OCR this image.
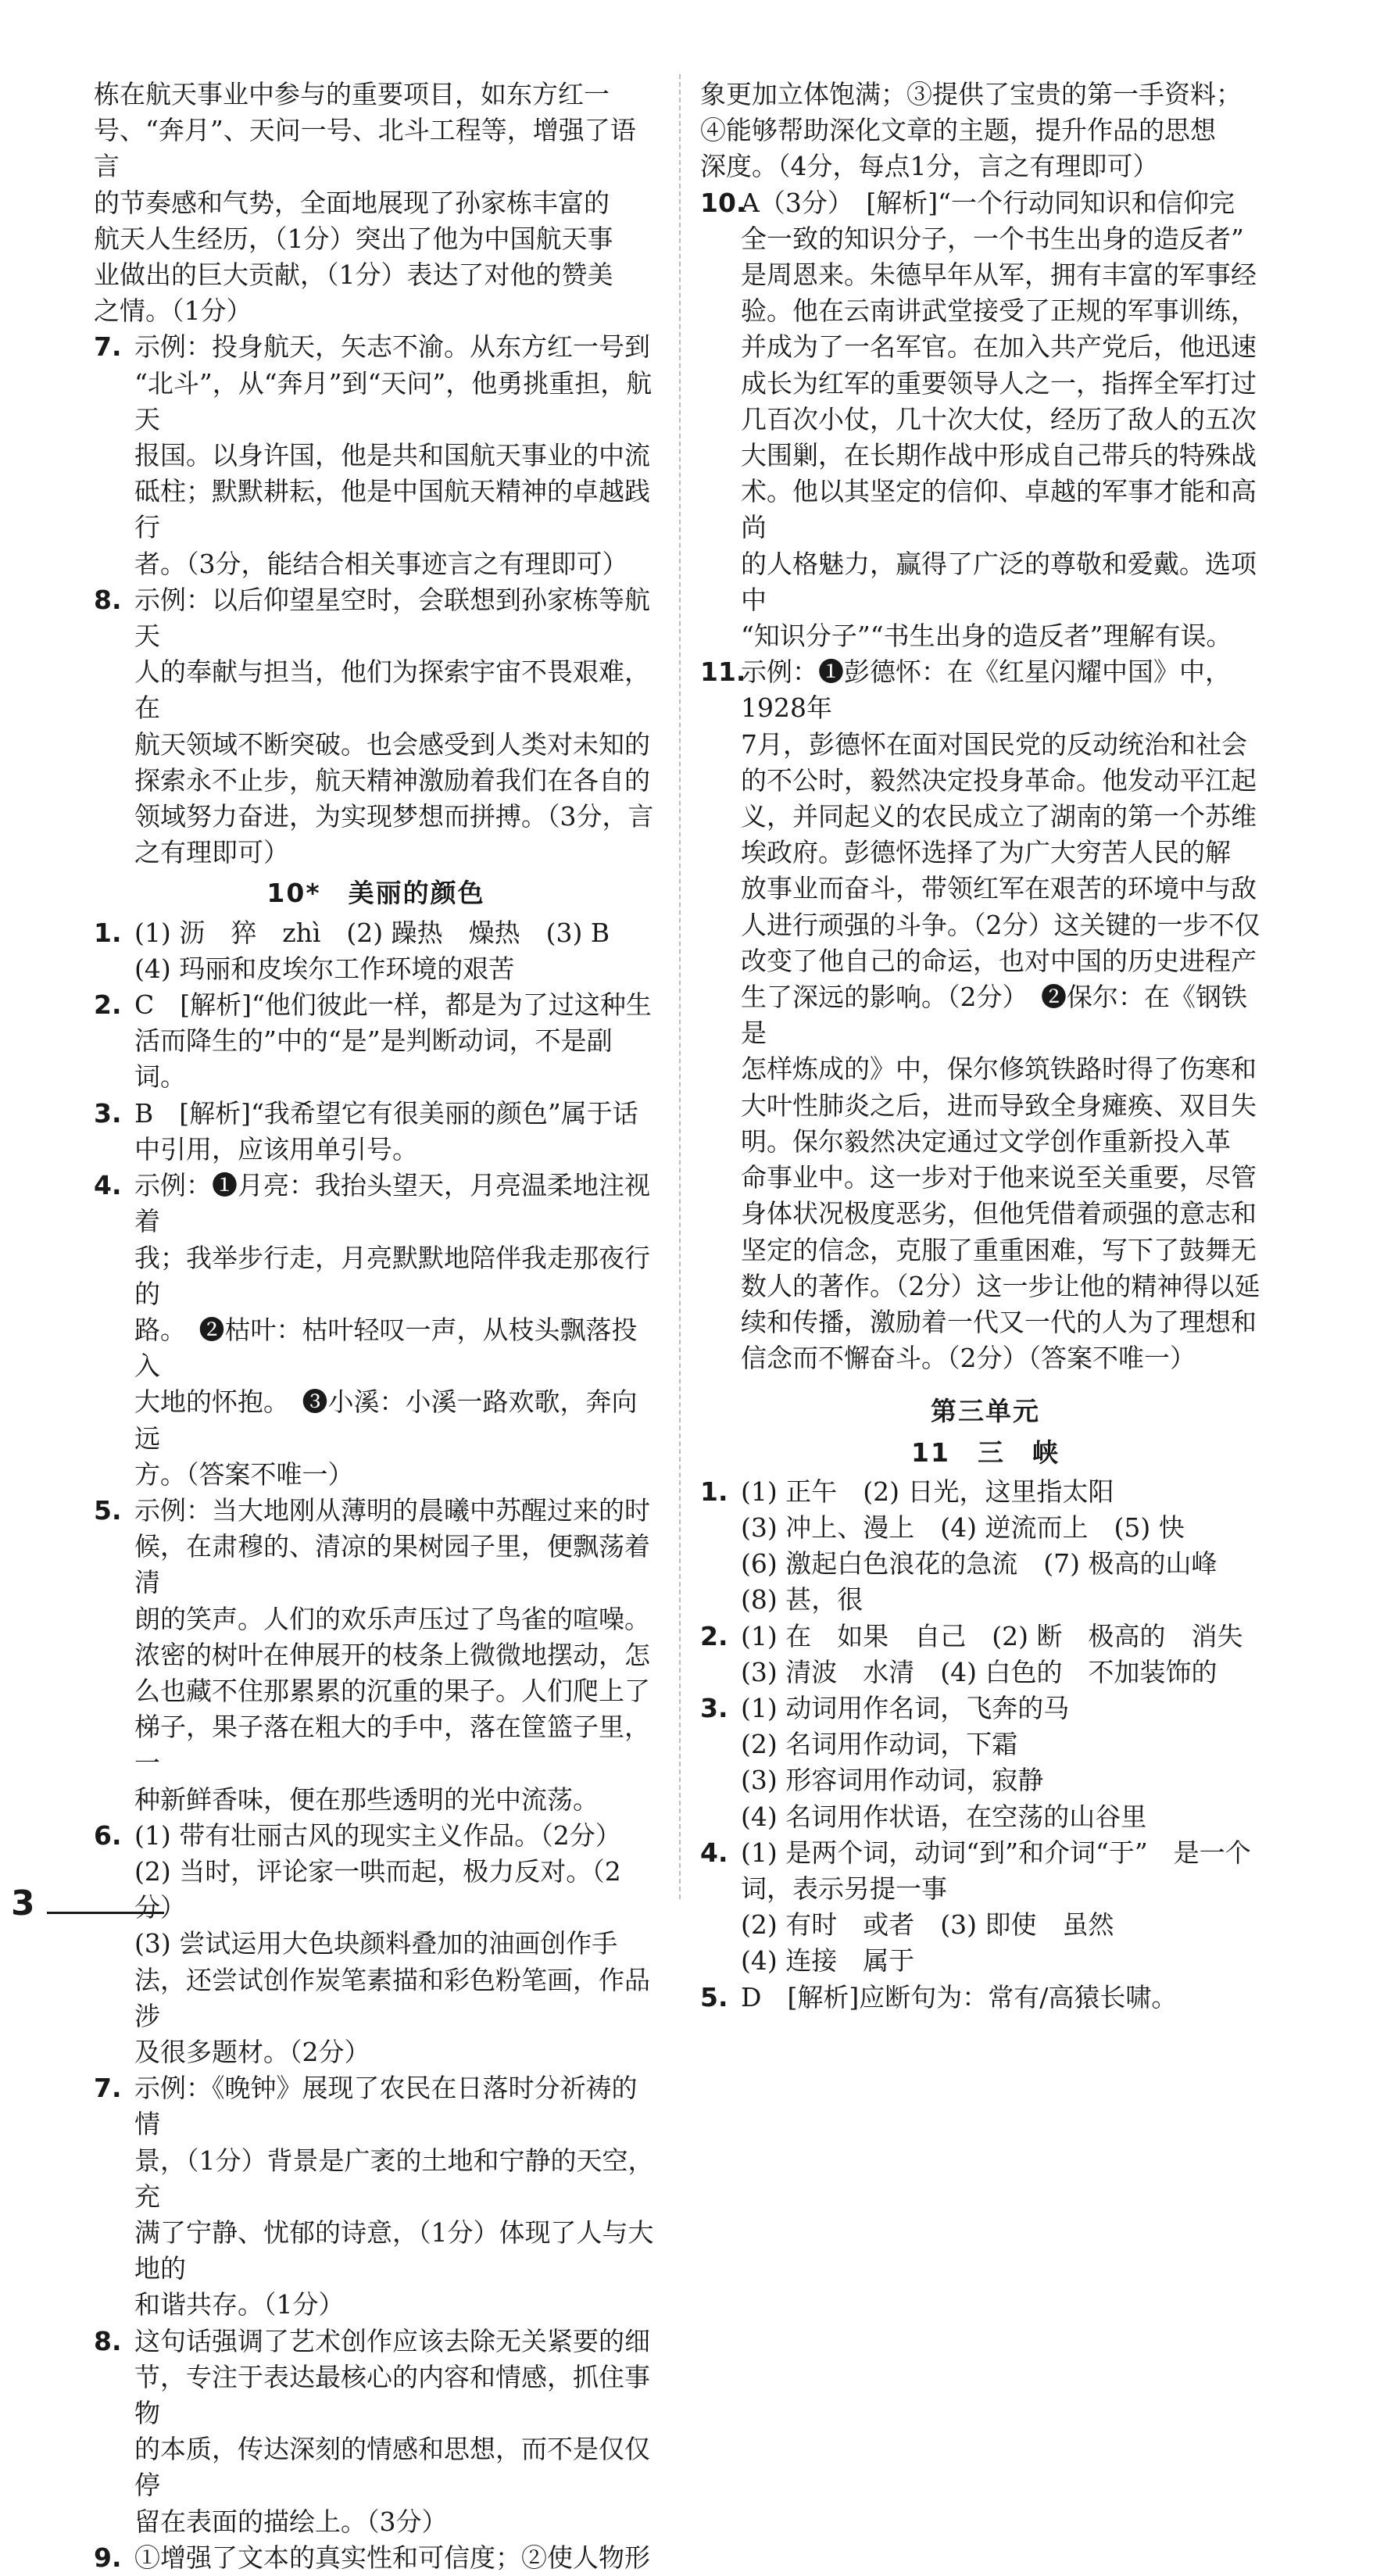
栋在航天事业中参与的重要项目，如东方红一
号、“奔月”、天问一号、北斗工程等，增强了语言
的节奏感和气势，全面地展现了孙家栋丰富的
航天人生经历，（1分）突出了他为中国航天事
业做出的巨大贡献，（1分）表达了对他的赞美
之情。（1分）
7. 示例：投身航天，矢志不渝。从东方红一号到
“北斗”，从“奔月”到“天问”，他勇挑重担，航天
报国。以身许国，他是共和国航天事业的中流
砥柱；默默耕耘，他是中国航天精神的卓越践行
者。（3分，能结合相关事迹言之有理即可）
8. 示例：以后仰望星空时，会联想到孙家栋等航天
人的奉献与担当，他们为探索宇宙不畏艰难，在
航天领域不断突破。也会感受到人类对未知的
探索永不止步，航天精神激励着我们在各自的
领域努力奋进，为实现梦想而拼搏。（3分，言
之有理即可）
10*　美丽的颜色
1. (1) 沥　猝　zhì　(2) 躁热　燥热　(3) B
(4) 玛丽和皮埃尔工作环境的艰苦
2. C　[解析]“他们彼此一样，都是为了过这种生
活而降生的”中的“是”是判断动词，不是副词。
3. B　[解析]“我希望它有很美丽的颜色”属于话
中引用，应该用单引号。
4. 示例：❶月亮：我抬头望天，月亮温柔地注视着
我；我举步行走，月亮默默地陪伴我走那夜行的
路。　❷枯叶：枯叶轻叹一声，从枝头飘落投入
大地的怀抱。　❸小溪：小溪一路欢歌，奔向远
方。（答案不唯一）
5. 示例：当大地刚从薄明的晨曦中苏醒过来的时
候，在肃穆的、清凉的果树园子里，便飘荡着清
朗的笑声。人们的欢乐声压过了鸟雀的喧噪。
浓密的树叶在伸展开的枝条上微微地摆动，怎
么也藏不住那累累的沉重的果子。人们爬上了
梯子，果子落在粗大的手中，落在筐篮子里，一
种新鲜香味，便在那些透明的光中流荡。
6. (1) 带有壮丽古风的现实主义作品。（2分）
(2) 当时，评论家一哄而起，极力反对。（2分）
(3) 尝试运用大色块颜料叠加的油画创作手
法，还尝试创作炭笔素描和彩色粉笔画，作品涉
及很多题材。（2分）
7. 示例：《晚钟》展现了农民在日落时分祈祷的情
景，（1分）背景是广袤的土地和宁静的天空，充
满了宁静、忧郁的诗意，（1分）体现了人与大地的
和谐共存。（1分）
8. 这句话强调了艺术创作应该去除无关紧要的细
节，专注于表达最核心的内容和情感，抓住事物
的本质，传达深刻的情感和思想，而不是仅仅停
留在表面的描绘上。（3分）
9. ①增强了文本的真实性和可信度；②使人物形
象更加立体饱满；③提供了宝贵的第一手资料；
④能够帮助深化文章的主题，提升作品的思想
深度。（4分，每点1分，言之有理即可）
10.
A（3分）　[解析]“一个行动同知识和信仰完
全一致的知识分子，一个书生出身的造反者”
是周恩来。朱德早年从军，拥有丰富的军事经
验。他在云南讲武堂接受了正规的军事训练，
并成为了一名军官。在加入共产党后，他迅速
成长为红军的重要领导人之一，指挥全军打过
几百次小仗，几十次大仗，经历了敌人的五次
大围剿，在长期作战中形成自己带兵的特殊战
术。他以其坚定的信仰、卓越的军事才能和高尚
的人格魅力，赢得了广泛的尊敬和爱戴。选项中
“知识分子”“书生出身的造反者”理解有误。
11.
示例：❶彭德怀：在《红星闪耀中国》中，1928年
7月，彭德怀在面对国民党的反动统治和社会
的不公时，毅然决定投身革命。他发动平江起
义，并同起义的农民成立了湖南的第一个苏维
埃政府。彭德怀选择了为广大穷苦人民的解
放事业而奋斗，带领红军在艰苦的环境中与敌
人进行顽强的斗争。（2分）这关键的一步不仅
改变了他自己的命运，也对中国的历史进程产
生了深远的影响。（2分）　❷保尔：在《钢铁是
怎样炼成的》中，保尔修筑铁路时得了伤寒和
大叶性肺炎之后，进而导致全身瘫痪、双目失
明。保尔毅然决定通过文学创作重新投入革
命事业中。这一步对于他来说至关重要，尽管
身体状况极度恶劣，但他凭借着顽强的意志和
坚定的信念，克服了重重困难，写下了鼓舞无
数人的著作。（2分）这一步让他的精神得以延
续和传播，激励着一代又一代的人为了理想和
信念而不懈奋斗。（2分）（答案不唯一）
第三单元
11　三　峡
1. (1) 正午　(2) 日光，这里指太阳
(3) 冲上、漫上　(4) 逆流而上　(5) 快
(6) 激起白色浪花的急流　(7) 极高的山峰
(8) 甚，很
2. (1) 在　如果　自己　(2) 断　极高的　消失
(3) 清波　水清　(4) 白色的　不加装饰的
3. (1) 动词用作名词，飞奔的马
(2) 名词用作动词，下霜
(3) 形容词用作动词，寂静
(4) 名词用作状语，在空荡的山谷里
4. (1) 是两个词，动词“到”和介词“于”　是一个
词，表示另提一事
(2) 有时　或者　(3) 即使　虽然
(4) 连接　属于
5. D　[解析]应断句为：常有/高猿长啸。
3
